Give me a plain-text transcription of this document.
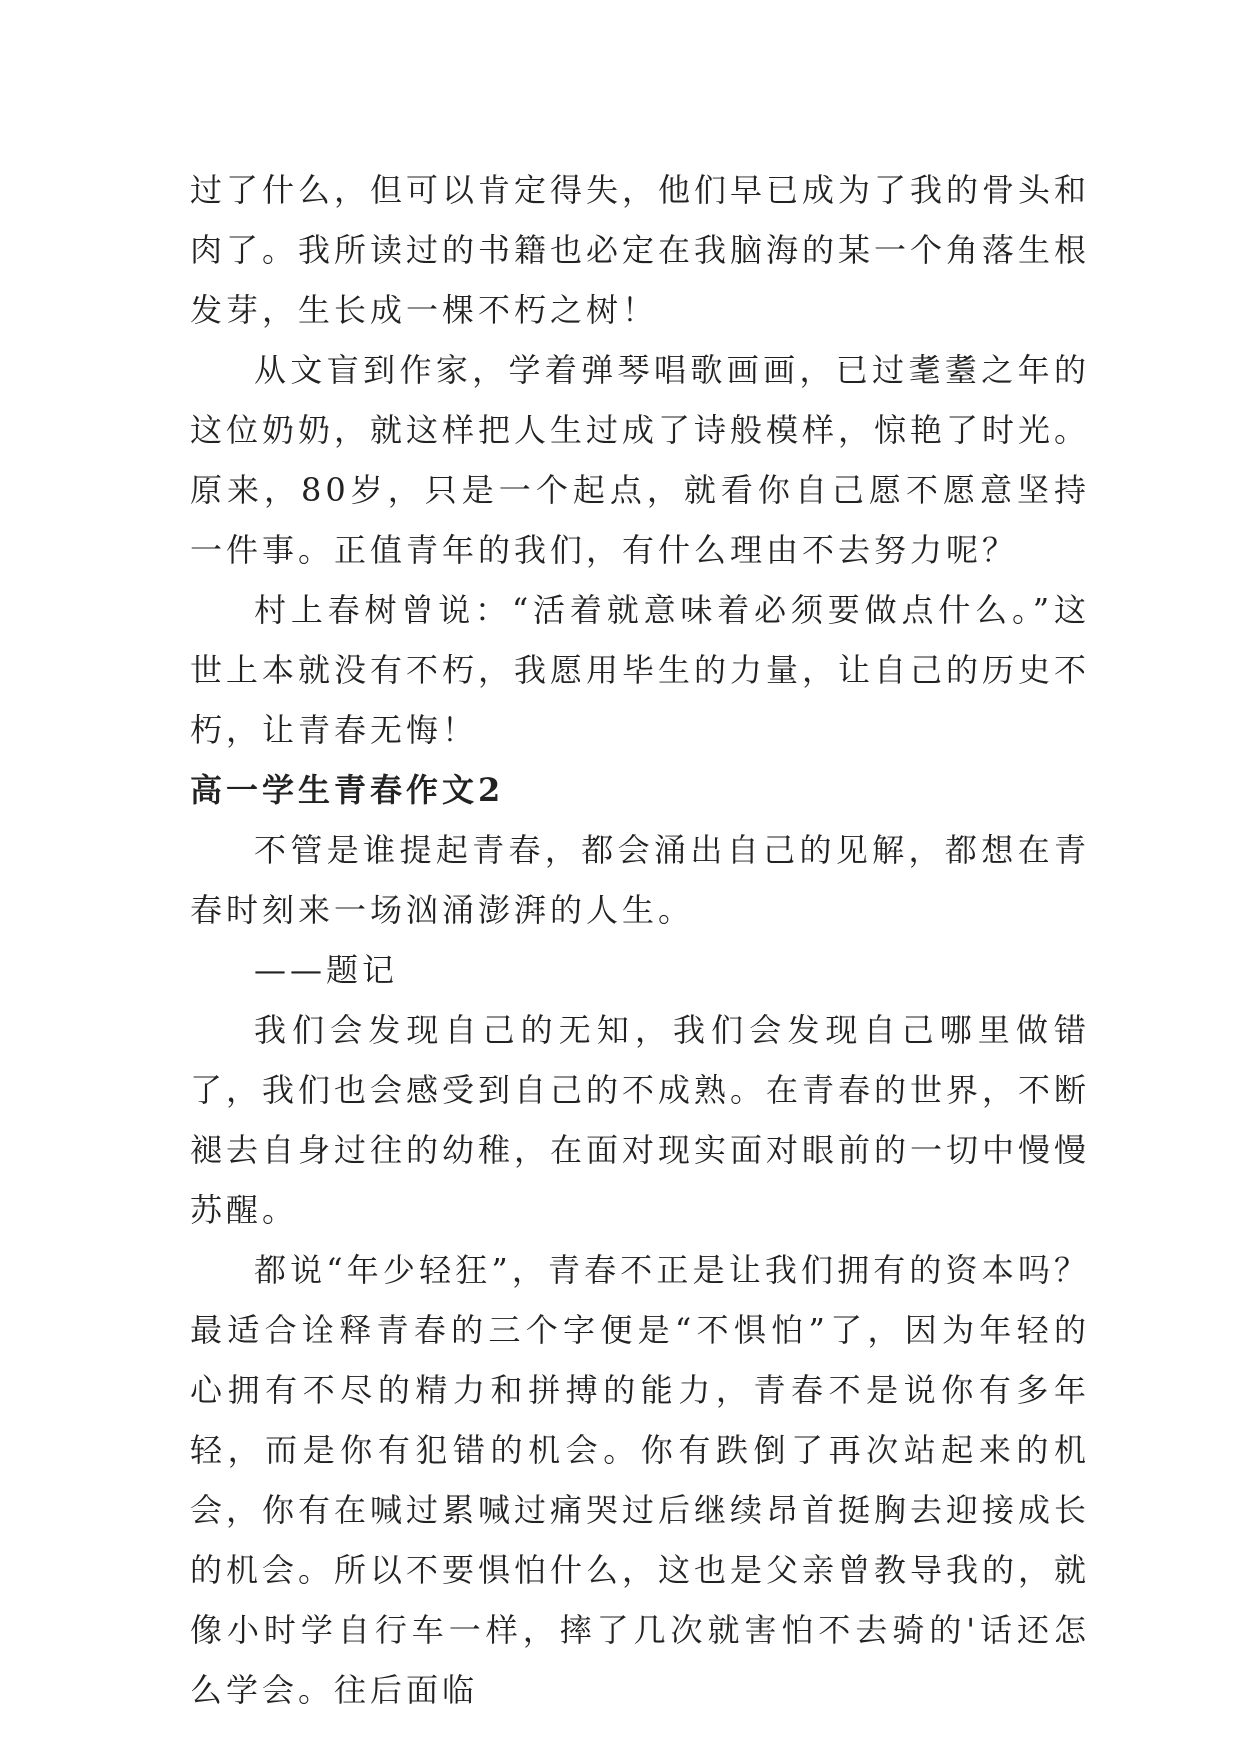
过了什么，但可以肯定得失，他们早已成为了我的骨头和肉了。我所读过的书籍也必定在我脑海的某一个角落生根发芽，生长成一棵不朽之树！

从文盲到作家，学着弹琴唱歌画画，已过耄耋之年的这位奶奶，就这样把人生过成了诗般模样，惊艳了时光。原来，80岁，只是一个起点，就看你自己愿不愿意坚持一件事。正值青年的我们，有什么理由不去努力呢？

村上春树曾说：“活着就意味着必须要做点什么。”这世上本就没有不朽，我愿用毕生的力量，让自己的历史不朽，让青春无悔！

高一学生青春作文2

不管是谁提起青春，都会涌出自己的见解，都想在青春时刻来一场汹涌澎湃的人生。

——题记

我们会发现自己的无知，我们会发现自己哪里做错了，我们也会感受到自己的不成熟。在青春的世界，不断褪去自身过往的幼稚，在面对现实面对眼前的一切中慢慢苏醒。

都说“年少轻狂”，青春不正是让我们拥有的资本吗？最适合诠释青春的三个字便是“不惧怕”了，因为年轻的心拥有不尽的精力和拼搏的能力，青春不是说你有多年轻，而是你有犯错的机会。你有跌倒了再次站起来的机会，你有在喊过累喊过痛哭过后继续昂首挺胸去迎接成长的机会。所以不要惧怕什么，这也是父亲曾教导我的，就像小时学自行车一样，摔了几次就害怕不去骑的'话还怎么学会。往后面临
